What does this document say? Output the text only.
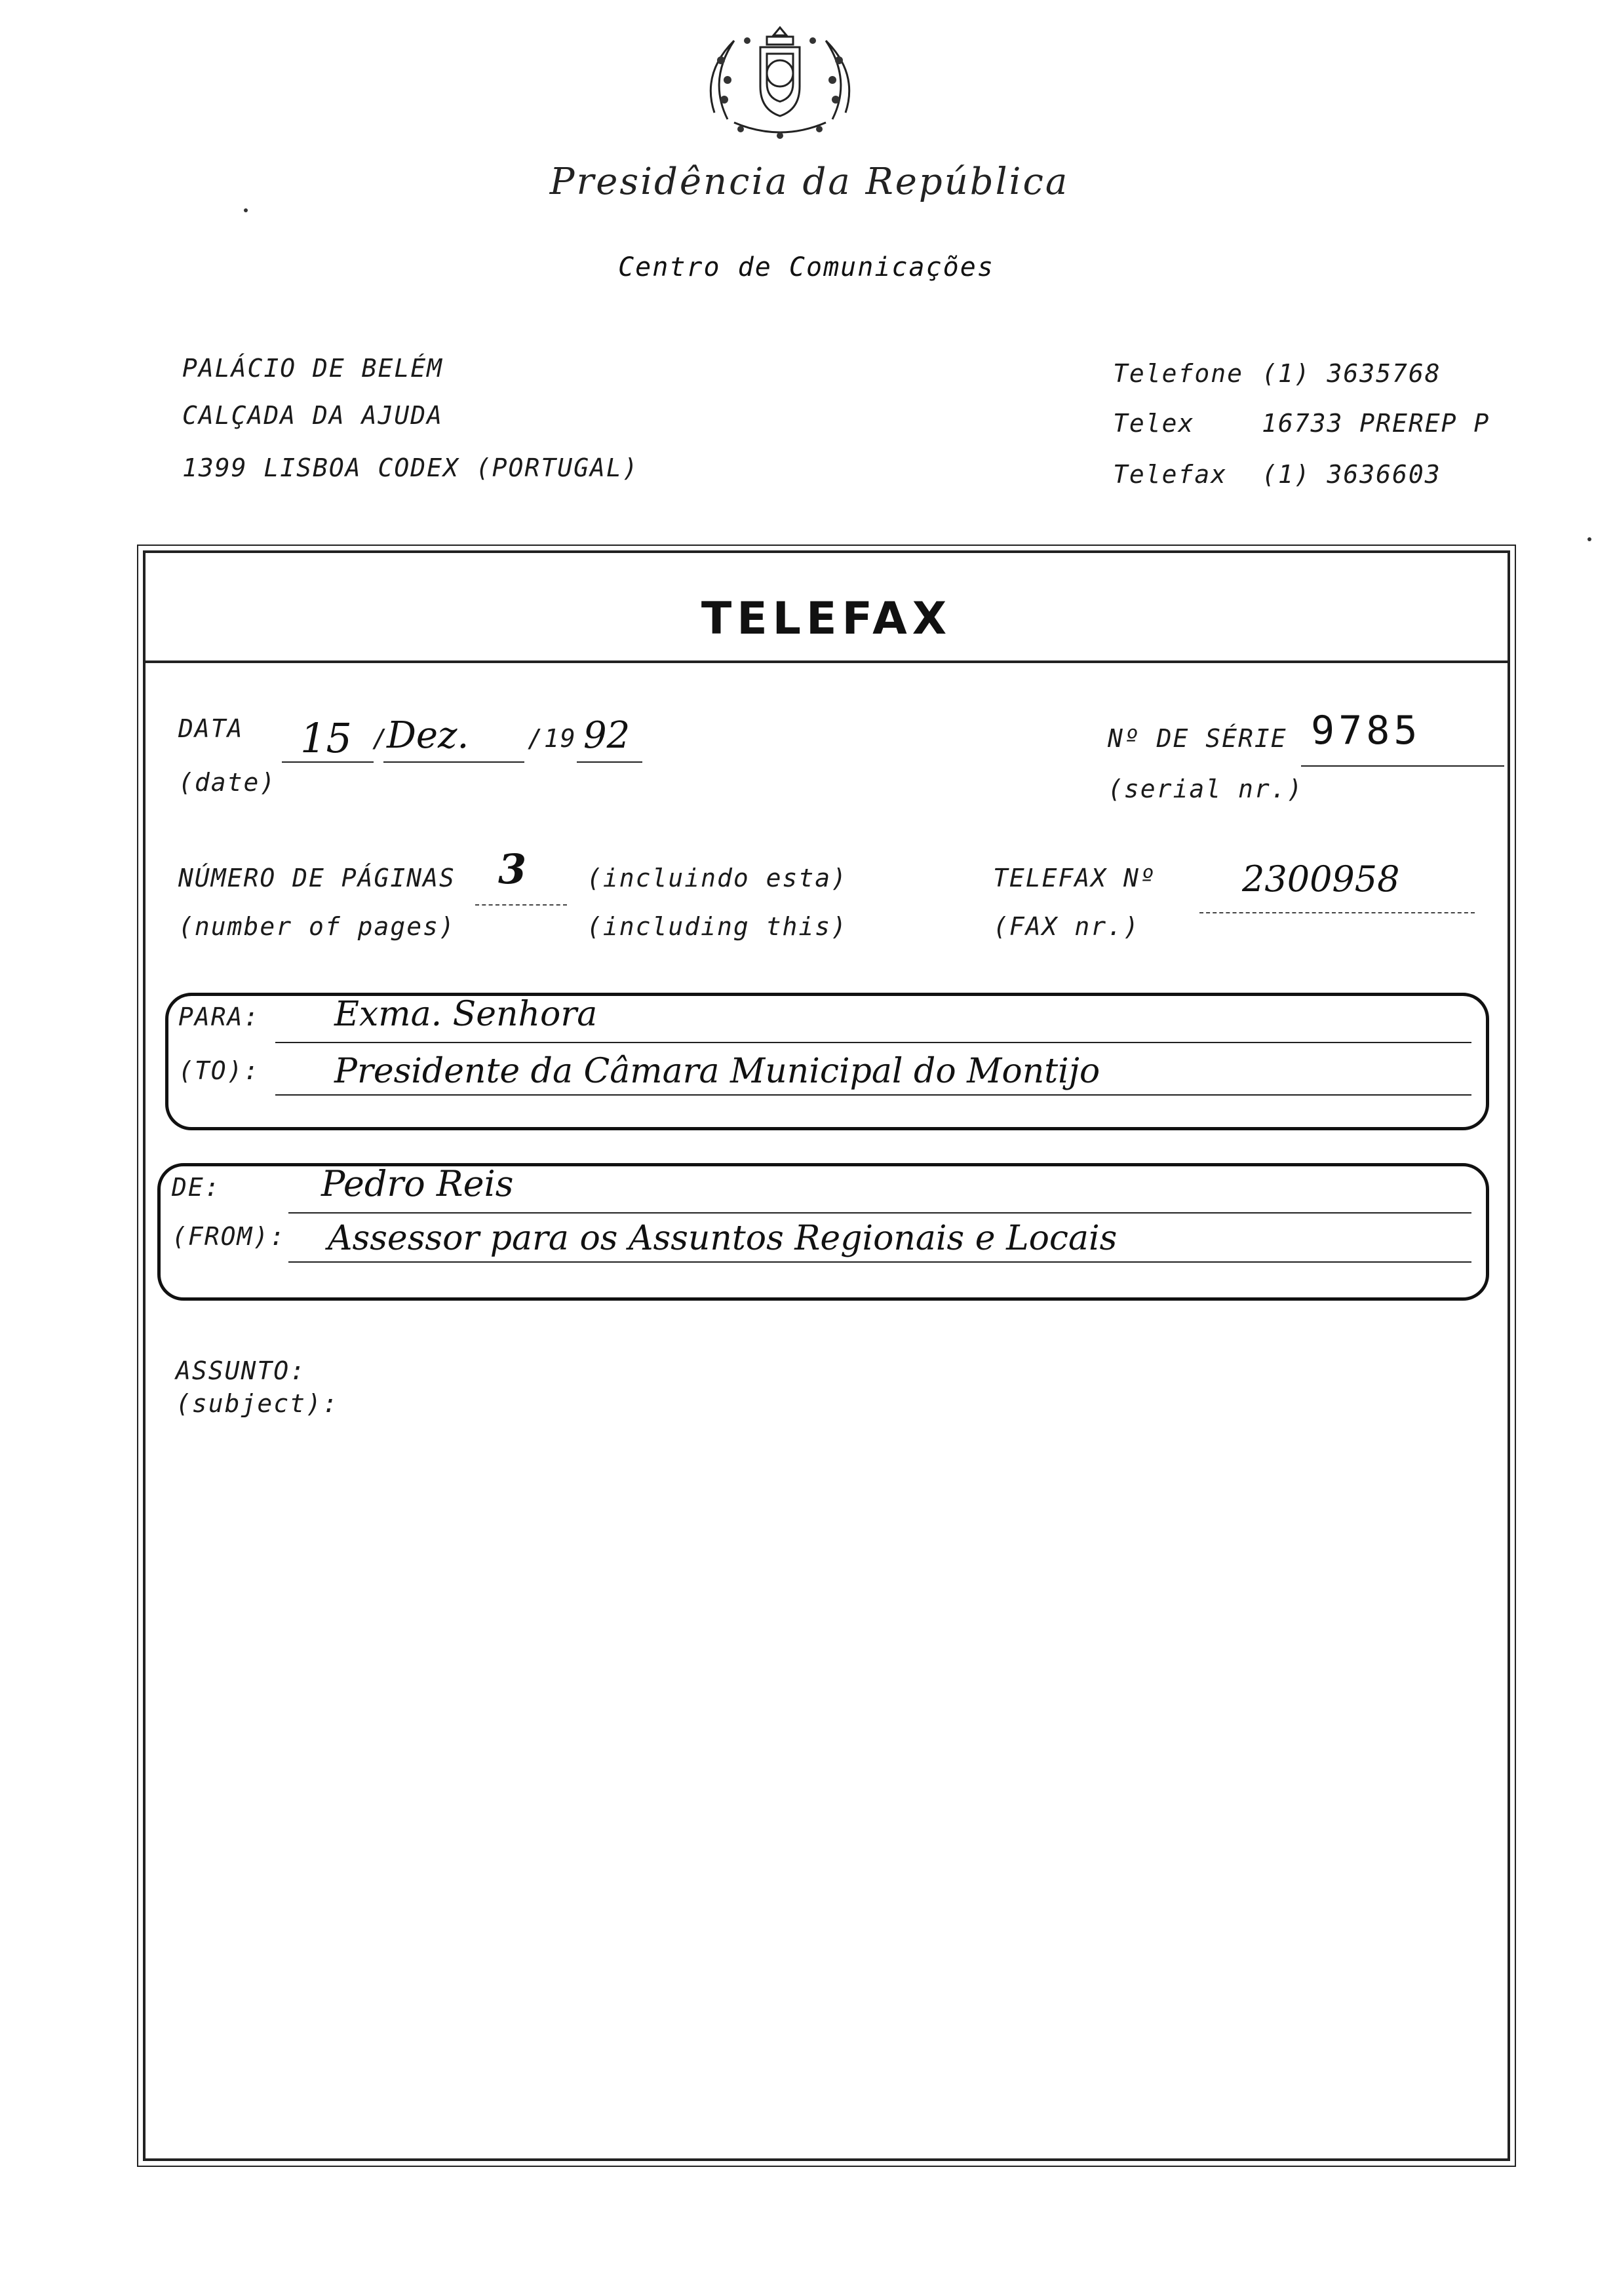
Presidência da República
Centro de Comunicações
PALÁCIO DE BELÉM
CALÇADA DA AJUDA
1399 LISBOA CODEX (PORTUGAL)
Telefone (1) 3635768
Telex	16733 PREREP P
Telefax (1) 3636603
TELEFAX
DATA
(date)
15 /
Dez. /19 92	Nº DE SÉRIE
(serial nr.)
9785
NÚMERO DE PÁGINAS
(number of pages)
3 (incluindo esta)
(including this)
TELEFAX Nº
(FAX nr.)
2300958
PARA:
(TO):
Exma. Senhora
Presidente da Câmara Municipal do Montijo
DE:
(FROM):
Pedro Reis
Assessor para os Assuntos Regionais e Locais
ASSUNTO:
(subject):
